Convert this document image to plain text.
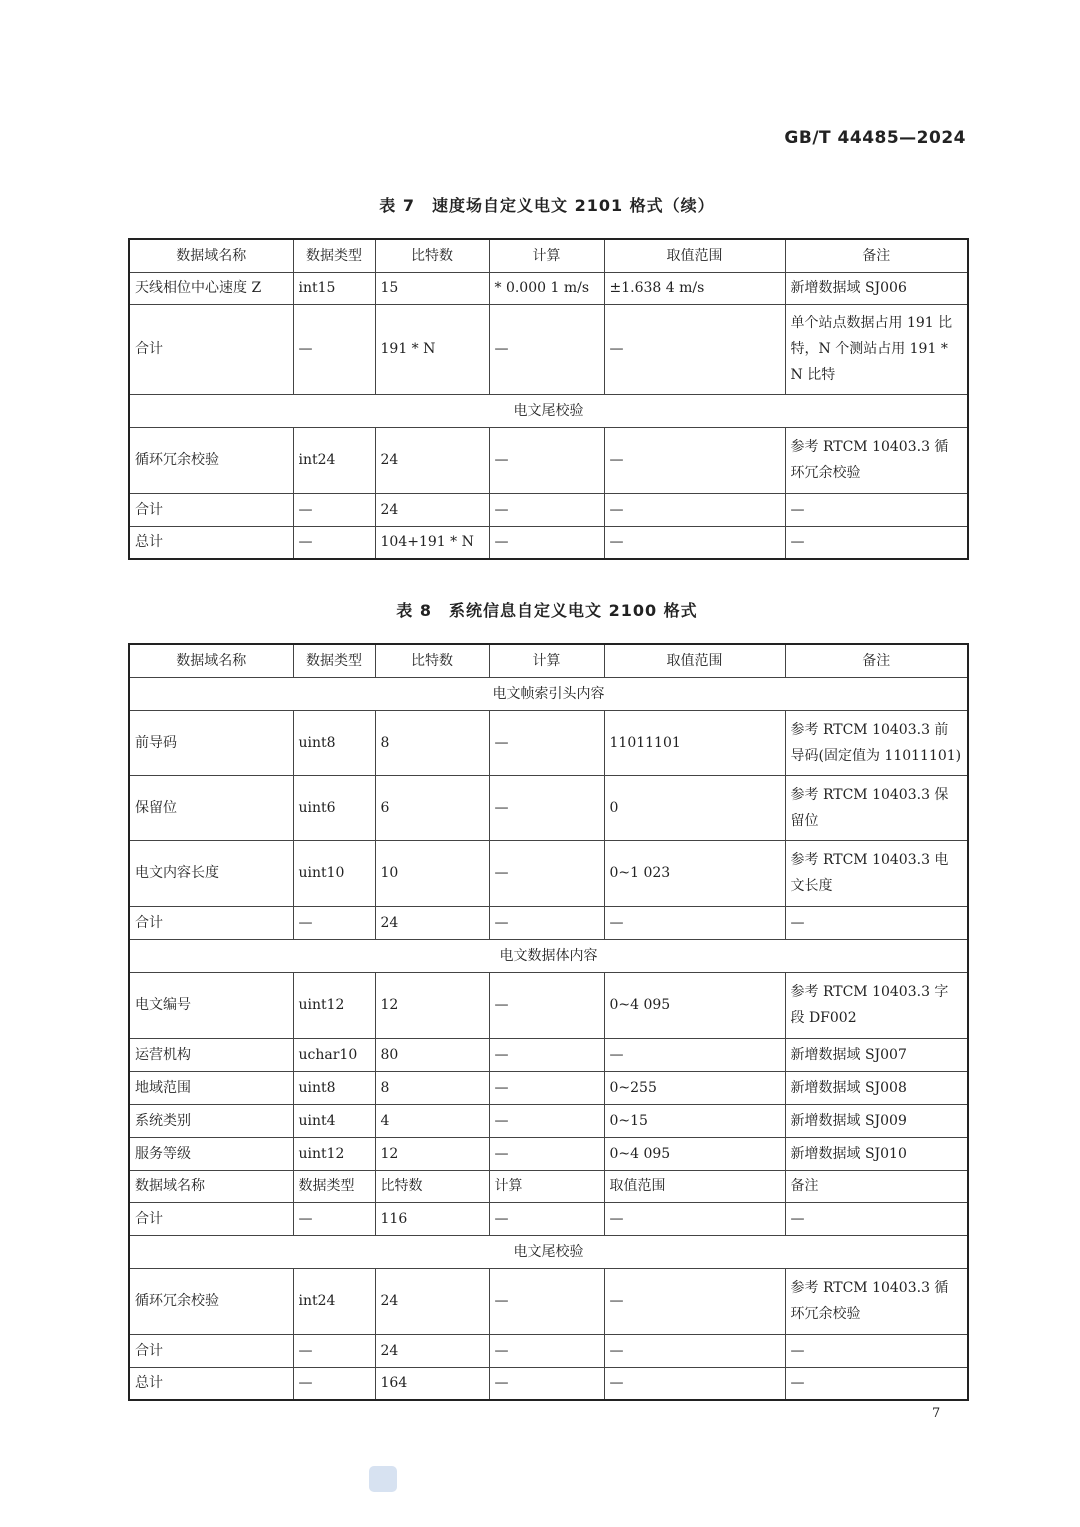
GB/T 44485—2024
表 7　速度场自定义电文 2101 格式（续）
数据域名称	数据类型	比特数	计算	取值范围	备注
天线相位中心速度 Z	int15	15	* 0.000 1 m/s	±1.638 4 m/s	新增数据域 SJ006
合计	—	191 * N	—	—	单个站点数据占用 191 比特，N 个测站占用 191 * N 比特
电文尾校验					
循环冗余校验	int24	24	—	—	参考 RTCM 10403.3 循环冗余校验
合计	—	24	—	—	—
总计	—	104+191 * N	—	—	—
表 8　系统信息自定义电文 2100 格式
数据域名称	数据类型	比特数	计算	取值范围	备注
电文帧索引头内容					
前导码	uint8	8	—	11011101	参考 RTCM 10403.3 前导码(固定值为 11011101)
保留位	uint6	6	—	0	参考 RTCM 10403.3 保留位
电文内容长度	uint10	10	—	0~1 023	参考 RTCM 10403.3 电文长度
合计	—	24	—	—	—
电文数据体内容					
电文编号	uint12	12	—	0~4 095	参考 RTCM 10403.3 字段 DF002
运营机构	uchar10	80	—	—	新增数据域 SJ007
地域范围	uint8	8	—	0~255	新增数据域 SJ008
系统类别	uint4	4	—	0~15	新增数据域 SJ009
服务等级	uint12	12	—	0~4 095	新增数据域 SJ010
数据域名称	数据类型	比特数	计算	取值范围	备注
合计	—	116	—	—	—
电文尾校验					
循环冗余校验	int24	24	—	—	参考 RTCM 10403.3 循环冗余校验
合计	—	24	—	—	—
总计	—	164	—	—	—
7
